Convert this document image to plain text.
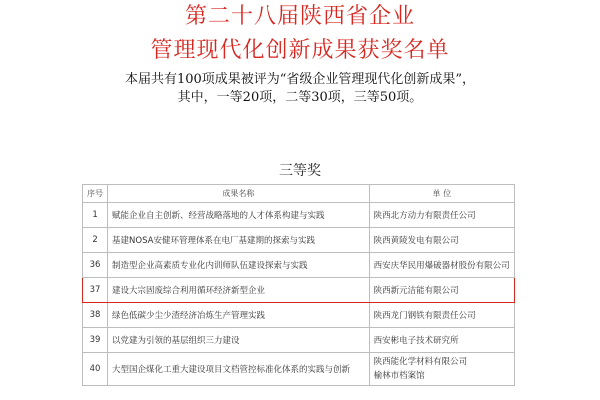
第二十八届陕西省企业
管理现代化创新成果获奖名单
本届共有100项成果被评为“省级企业管理现代化创新成果”，
其中，一等20项，二等30项，三等50项。
三等奖
序号	成果名称	单 位
1	赋能企业自主创新、经营战略落地的人才体系构建与实践	陕西北方动力有限责任公司
2	基建NOSA安健环管理体系在电厂基建期的探索与实践	陕西黄陵发电有限公司
36	制造型企业高素质专业化内训师队伍建设探索与实践	西安庆华民用爆破器材股份有限公司
37	建设大宗固废综合利用循环经济新型企业	陕西新元洁能有限公司
38	绿色低碳少尘少渣经济冶炼生产管理实践	陕西龙门钢铁有限责任公司
39	以党建为引领的基层组织三力建设	西安彬电子技术研究所
40	大型国企煤化工重大建设项目文档管控标准化体系的实践与创新	陕西能化学材料有限公司
榆林市档案馆
